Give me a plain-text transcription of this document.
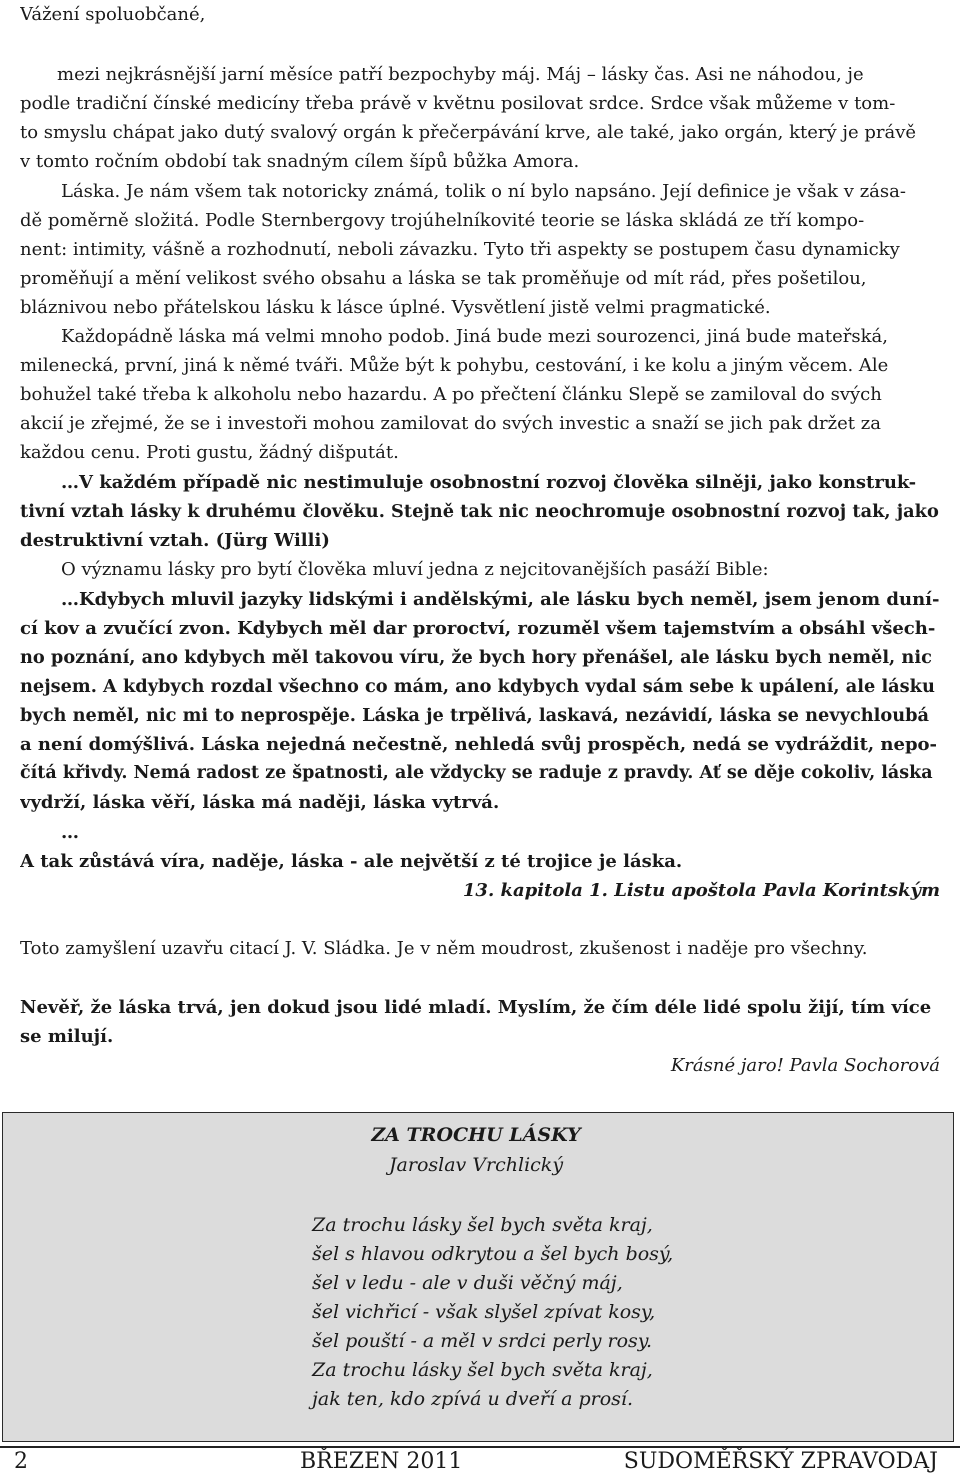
Vážení spoluobčané,

mezi nejkrásnější jarní měsíce patří bezpochyby máj. Máj – lásky čas. Asi ne náhodou, je

podle tradiční čínské medicíny třeba právě v květnu posilovat srdce. Srdce však můžeme v tom-

to smyslu chápat jako dutý svalový orgán k přečerpávání krve, ale také, jako orgán, který je právě

v tomto ročním období tak snadným cílem šípů bůžka Amora.

Láska. Je nám všem tak notoricky známá, tolik o ní bylo napsáno. Její definice je však v zása-

dě poměrně složitá. Podle Sternbergovy trojúhelníkovité teorie se láska skládá ze tří kompo-

nent: intimity, vášně a rozhodnutí, neboli závazku. Tyto tři aspekty se postupem času dynamicky

proměňují a mění velikost svého obsahu a láska se tak proměňuje od mít rád, přes pošetilou,

bláznivou nebo přátelskou lásku k lásce úplné. Vysvětlení jistě velmi pragmatické.

Každopádně láska má velmi mnoho podob. Jiná bude mezi sourozenci, jiná bude mateřská,

milenecká, první, jiná k němé tváři. Může být k pohybu, cestování, i ke kolu a jiným věcem. Ale

bohužel také třeba k alkoholu nebo hazardu. A po přečtení článku Slepě se zamiloval do svých

akcií je zřejmé, že se i investoři mohou zamilovat do svých investic a snaží se jich pak držet za

každou cenu. Proti gustu, žádný dišputát.

…V každém případě nic nestimuluje osobnostní rozvoj člověka silněji, jako konstruk-

tivní vztah lásky k druhému člověku. Stejně tak nic neochromuje osobnostní rozvoj tak, jako

destruktivní vztah. (Jürg Willi)

O významu lásky pro bytí člověka mluví jedna z nejcitovanějších pasáží Bible:

…Kdybych mluvil jazyky lidskými i andělskými, ale lásku bych neměl, jsem jenom duní-

cí kov a zvučící zvon. Kdybych měl dar proroctví, rozuměl všem tajemstvím a obsáhl všech-

no poznání, ano kdybych měl takovou víru, že bych hory přenášel, ale lásku bych neměl, nic

nejsem. A kdybych rozdal všechno co mám, ano kdybych vydal sám sebe k upálení, ale lásku

bych neměl, nic mi to neprospěje. Láska je trpělivá, laskavá, nezávidí, láska se nevychloubá

a není domýšlivá. Láska nejedná nečestně, nehledá svůj prospěch, nedá se vydráždit, nepo-

čítá křivdy. Nemá radost ze špatnosti, ale vždycky se raduje z pravdy. Ať se děje cokoliv, láska

vydrží, láska věří, láska má naději, láska vytrvá.

…

A tak zůstává víra, naděje, láska - ale největší z té trojice je láska.

13. kapitola 1. Listu apoštola Pavla Korintským

Toto zamyšlení uzavřu citací J. V. Sládka. Je v něm moudrost, zkušenost i naděje pro všechny.

Nevěř, že láska trvá, jen dokud jsou lidé mladí. Myslím, že čím déle lidé spolu žijí, tím více

se milují.

Krásné jaro! Pavla Sochorová

ZA TROCHU LÁSKY
Jaroslav Vrchlický
Za trochu lásky šel bych světa kraj,
šel s hlavou odkrytou a šel bych bosý,
šel v ledu - ale v duši věčný máj,
šel vichřicí - však slyšel zpívat kosy,
šel pouští - a měl v srdci perly rosy.
Za trochu lásky šel bych světa kraj,
jak ten, kdo zpívá u dveří a prosí.
2	BŘEZEN 2011	SUDOMĚŘSKÝ ZPRAVODAJ
